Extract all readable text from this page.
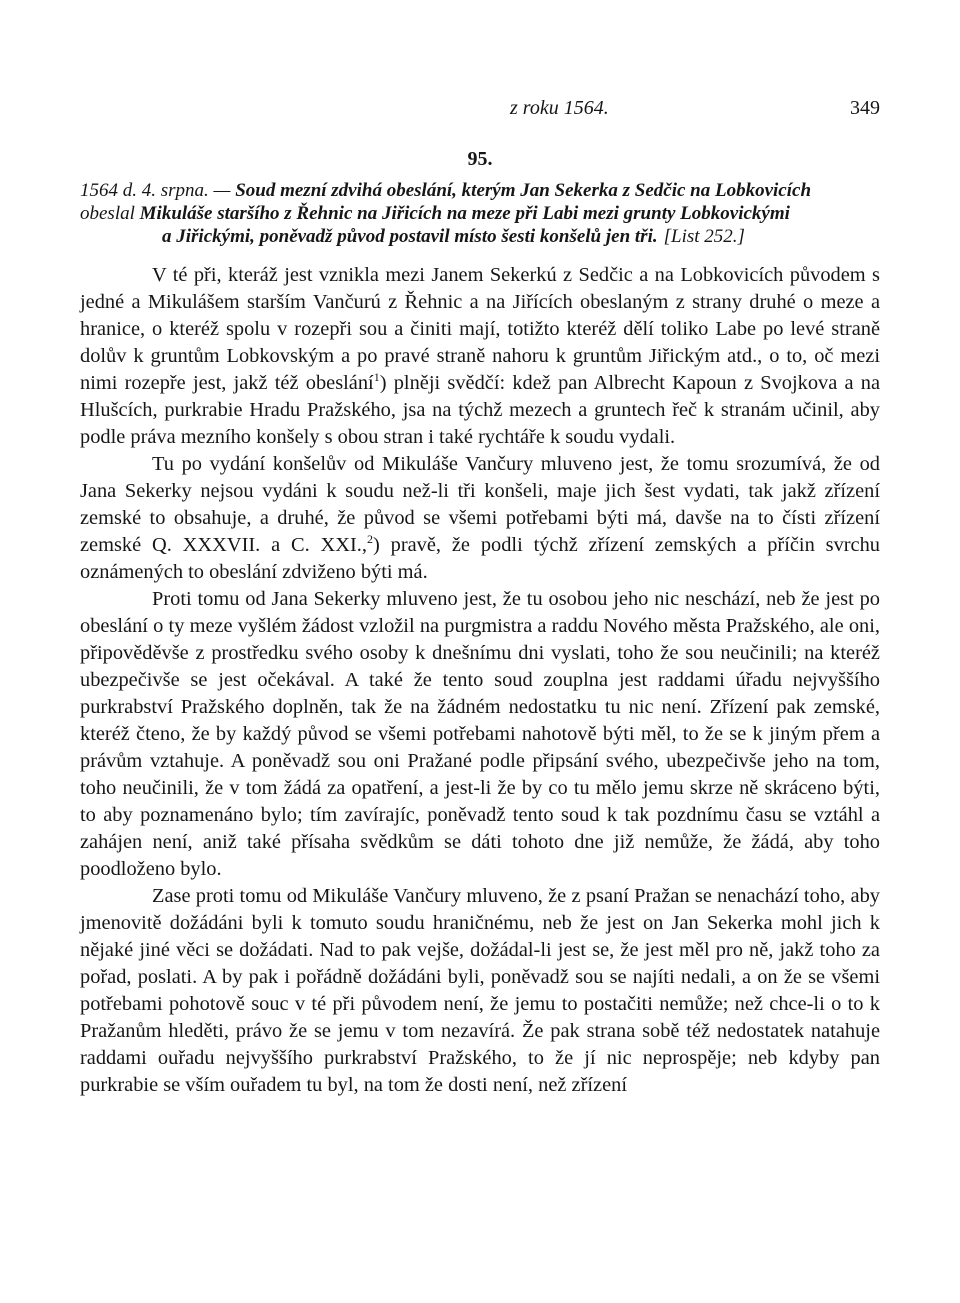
z roku 1564.	349
95.
1564 d. 4. srpna. — Soud mezní zdvihá obeslání, kterým Jan Sekerka z Sedčic na Lobkovicích
obeslal Mikuláše staršího z Řehnic na Jiřicích na meze při Labi mezi grunty Lobkovickými
a Jiřickými, poněvadž původ postavil místo šesti konšelů jen tři. [List 252.]

V té při, kteráž jest vznikla mezi Janem Sekerkú z Sedčic a na Lobkovicích původem s jedné a Mikulášem starším Vančurú z Řehnic a na Jiřících obeslaným z strany druhé o meze a hranice, o kteréž spolu v rozepři sou a činiti mají, totižto kteréž dělí toliko Labe po levé straně dolův k gruntům Lobkovským a po pravé straně nahoru k gruntům Jiřickým atd., o to, oč mezi nimi rozepře jest, jakž též obeslání$^1$) plněji svědčí: kdež pan Albrecht Kapoun z Svojkova a na Hlušcích, purkrabie Hradu Pražského, jsa na týchž mezech a gruntech řeč k stranám učinil, aby podle práva mezního konšely s obou stran i také rychtáře k soudu vydali.

Tu po vydání konšelův od Mikuláše Vančury mluveno jest, že tomu srozumívá, že od Jana Sekerky nejsou vydáni k soudu než-li tři konšeli, maje jich šest vydati, tak jakž zřízení zemské to obsahuje, a druhé, že původ se všemi potřebami býti má, davše na to čísti zřízení zemské Q. XXXVII. a C. XXI.,$^2$) pravě, že podli týchž zřízení zemských a příčin svrchu oznámených to obeslání zdviženo býti má.

Proti tomu od Jana Sekerky mluveno jest, že tu osobou jeho nic neschází, neb že jest po obeslání o ty meze vyšlém žádost vzložil na purgmistra a raddu Nového města Pražského, ale oni, připověděvše z prostředku svého osoby k dnešnímu dni vyslati, toho že sou neučinili; na kteréž ubezpečivše se jest očekával. A také že tento soud zouplna jest raddami úřadu nejvyššího purkrabství Pražského doplněn, tak že na žádném nedostatku tu nic není. Zřízení pak zemské, kteréž čteno, že by každý původ se všemi potřebami nahotově býti měl, to že se k jiným přem a právům vztahuje. A poněvadž sou oni Pražané podle připsání svého, ubezpečivše jeho na tom, toho neučinili, že v tom žádá za opatření, a jest-li že by co tu mělo jemu skrze ně skráceno býti, to aby poznamenáno bylo; tím zavírajíc, poněvadž tento soud k tak pozdnímu času se vztáhl a zahájen není, aniž také přísaha svědkům se dáti tohoto dne již nemůže, že žádá, aby toho poodloženo bylo.

Zase proti tomu od Mikuláše Vančury mluveno, že z psaní Pražan se nenachází toho, aby jmenovitě dožádáni byli k tomuto soudu hraničnému, neb že jest on Jan Sekerka mohl jich k nějaké jiné věci se dožádati. Nad to pak vejše, dožádal-li jest se, že jest měl pro ně, jakž toho za pořad, poslati. A by pak i pořádně dožádáni byli, poněvadž sou se najíti nedali, a on že se všemi potřebami pohotově souc v té při původem není, že jemu to postačiti nemůže; než chce-li o to k Pražanům hleděti, právo že se jemu v tom nezavírá. Že pak strana sobě též nedostatek natahuje raddami ouřadu nejvyššího purkrabství Pražského, to že jí nic neprospěje; neb kdyby pan purkrabie se vším ouřadem tu byl, na tom že dosti není, než zřízení
